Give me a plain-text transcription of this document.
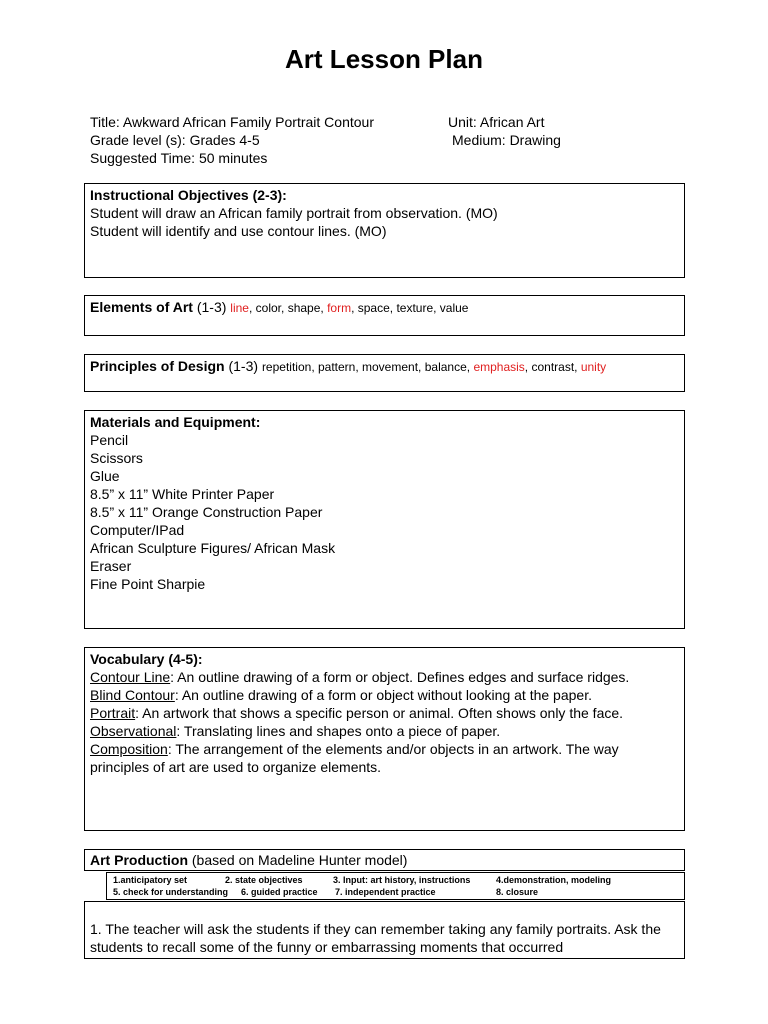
Art Lesson Plan
Title: Awkward African Family Portrait Contour	Unit: African Art
Grade level (s): Grades 4-5	Medium: Drawing
Suggested Time: 50 minutes
Instructional Objectives (2-3):
Student will draw an African family portrait from observation. (MO)
Student will identify and use contour lines. (MO)
Elements of Art (1-3) line, color, shape, form, space, texture, value
Principles of Design (1-3) repetition, pattern, movement, balance, emphasis, contrast, unity
Materials and Equipment:
Pencil
Scissors
Glue
8.5” x 11” White Printer Paper
8.5” x 11” Orange Construction Paper
Computer/IPad
African Sculpture Figures/ African Mask
Eraser
Fine Point Sharpie
Vocabulary (4-5):
Contour Line: An outline drawing of a form or object. Defines edges and surface ridges.
Blind Contour: An outline drawing of a form or object without looking at the paper.
Portrait: An artwork that shows a specific person or animal. Often shows only the face.
Observational: Translating lines and shapes onto a piece of paper.
Composition: The arrangement of the elements and/or objects in an artwork. The way principles of art are used to organize elements.
Art Production (based on Madeline Hunter model)
1.anticipatory set	2. state objectives	3. Input: art history, instructions	4.demonstration, modeling
5. check for understanding 6. guided practice 7. independent practice	8. closure
1. The teacher will ask the students if they can remember taking any family portraits. Ask the students to recall some of the funny or embarrassing moments that occurred
